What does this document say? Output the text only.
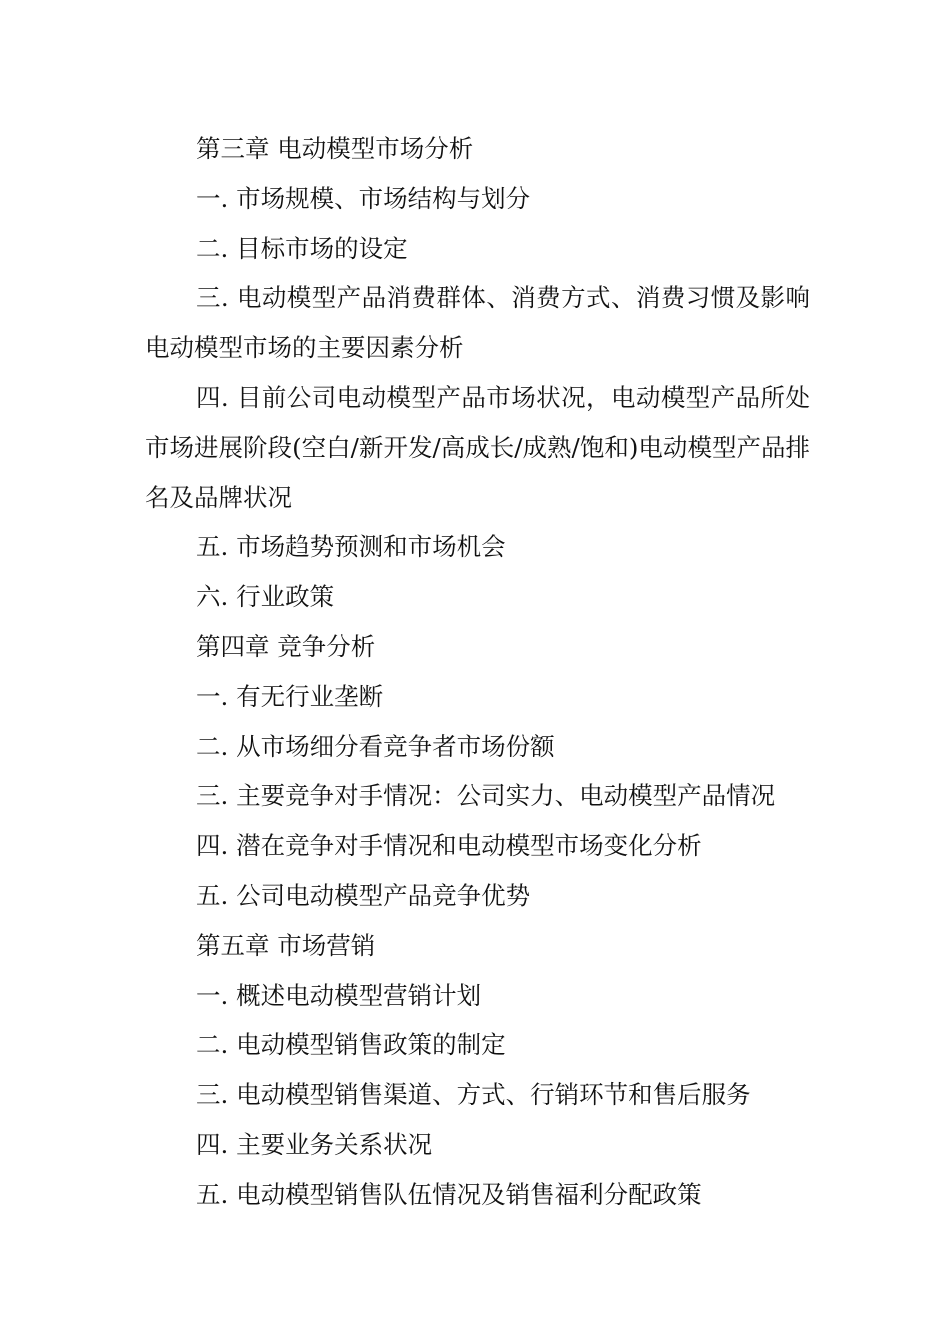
第三章 电动模型市场分析

一. 市场规模、市场结构与划分

二. 目标市场的设定

三. 电动模型产品消费群体、消费方式、消费习惯及影响电动模型市场的主要因素分析

四. 目前公司电动模型产品市场状况，电动模型产品所处市场进展阶段(空白/新开发/高成长/成熟/饱和)电动模型产品排名及品牌状况

五. 市场趋势预测和市场机会

六. 行业政策

第四章 竞争分析

一. 有无行业垄断

二. 从市场细分看竞争者市场份额

三. 主要竞争对手情况：公司实力、电动模型产品情况

四. 潜在竞争对手情况和电动模型市场变化分析

五. 公司电动模型产品竞争优势

第五章 市场营销

一. 概述电动模型营销计划

二. 电动模型销售政策的制定

三. 电动模型销售渠道、方式、行销环节和售后服务

四. 主要业务关系状况

五. 电动模型销售队伍情况及销售福利分配政策
